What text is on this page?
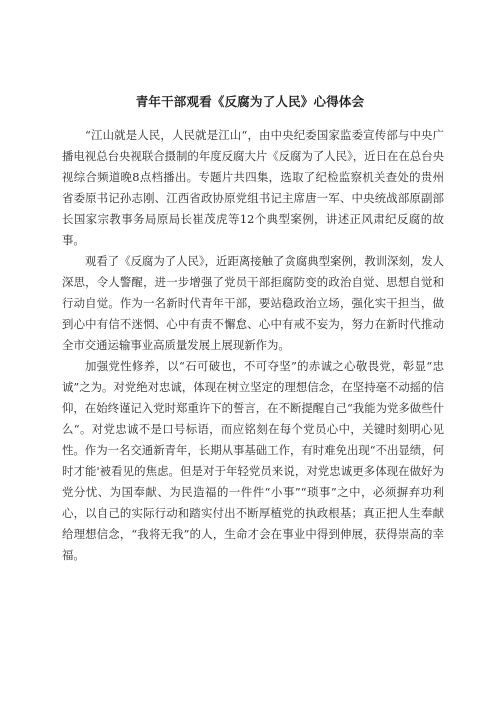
青年干部观看《反腐为了人民》心得体会

“江山就是人民，人民就是江山“，由中央纪委国家监委宣传部与中央广播电视总台央视联合摄制的年度反腐大片《反腐为了人民》，近日在在总台央视综合频道晚8点档播出。专题片共四集，选取了纪检监察机关查处的贵州省委原书记孙志刚、江西省政协原党组书记主席唐一军、中央统战部原副部长国家宗教事务局原局长崔茂虎等12个典型案例，讲述正风肃纪反腐的故事。

观看了《反腐为了人民》，近距离接触了贪腐典型案例，教训深刻，发人深思，令人警醒，进一步增强了党员干部拒腐防变的政治自觉、思想自觉和行动自觉。作为一名新时代青年干部，要站稳政治立场，强化实干担当，做到心中有信不迷惘、心中有责不懈怠、心中有戒不妄为，努力在新时代推动全市交通运输事业高质量发展上展现新作为。

加强党性修养，以“石可破也，不可夺坚”的赤诚之心敬畏党，彰显“忠诚”之为。对党绝对忠诚，体现在树立坚定的理想信念，在坚持毫不动摇的信仰，在始终谨记入党时郑重许下的誓言，在不断提醒自己“我能为党多做些什么“。对党忠诚不是口号标语，而应铭刻在每个党员心中，关键时刻明心见性。作为一名交通新青年，长期从事基础工作，有时难免出现“不出显绩，何时才能'被看见的焦虑。但是对于年轻党员来说，对党忠诚更多体现在做好为党分忧、为国奉献、为民造福的一件件“小事”“琐事”之中，必须摒弃功利心，以自己的实际行动和踏实付出不断厚植党的执政根基；真正把人生奉献给理想信念，“我将无我”的人，生命才会在事业中得到伸展，获得崇高的幸福。
